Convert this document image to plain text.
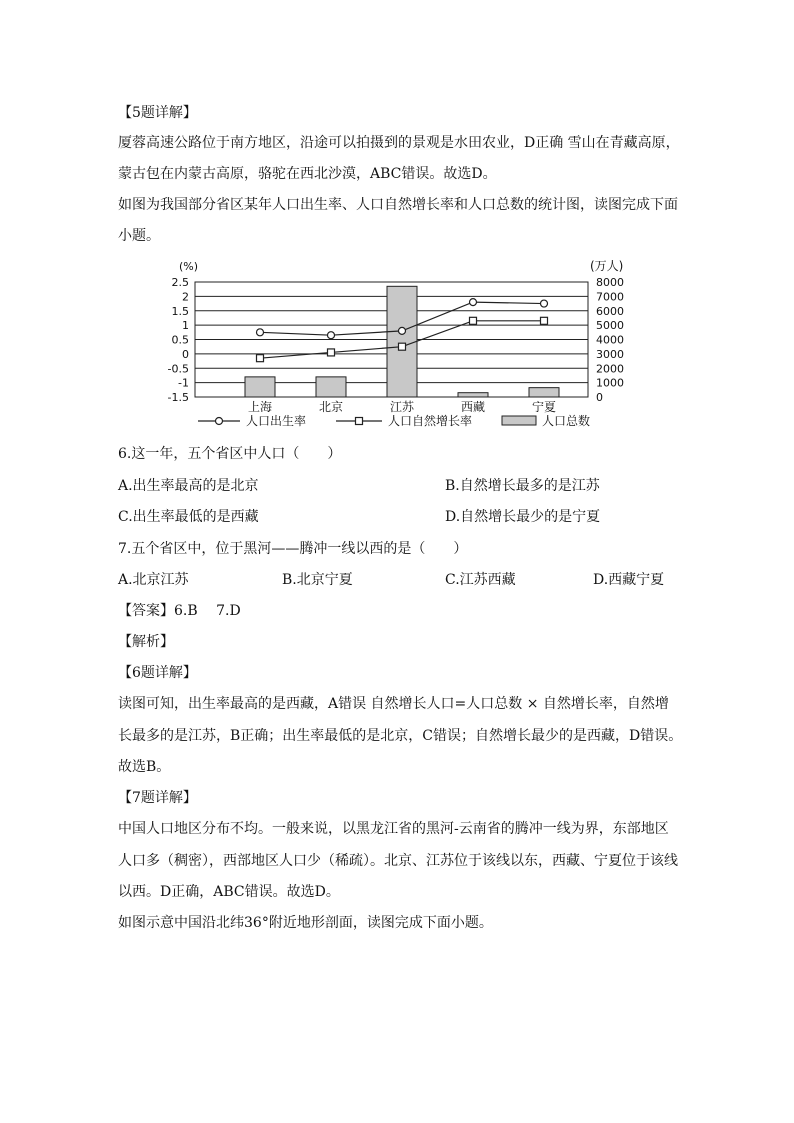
【5题详解】
厦蓉高速公路位于南方地区，沿途可以拍摄到的景观是水田农业，D正确 雪山在青藏高原，
蒙古包在内蒙古高原，骆驼在西北沙漠，ABC错误。故选D。
如图为我国部分省区某年人口出生率、人口自然增长率和人口总数的统计图，读图完成下面
小题。
2.5
2
1.5
1
0.5
0
-0.5
-1
-1.5
8000
7000
6000
5000
4000
3000
2000
1000
0
(%)	(万人)
上海	北京	江苏	西藏	宁夏
人口出生率	人口自然增长率	人口总数
6.这一年，五个省区中人口（　　）
A.出生率最高的是北京	B.自然增长最多的是江苏
C.出生率最低的是西藏	D.自然增长最少的是宁夏
7.五个省区中，位于黑河——腾冲一线以西的是（　　）
A.北京江苏	B.北京宁夏	C.江苏西藏	D.西藏宁夏
【答案】6.B　 7.D
【解析】
【6题详解】
读图可知，出生率最高的是西藏，A错误 自然增长人口=人口总数 × 自然增长率，自然增
长最多的是江苏，B正确；出生率最低的是北京，C错误；自然增长最少的是西藏，D错误。
故选B。
【7题详解】
中国人口地区分布不均。一般来说，以黑龙江省的黑河-云南省的腾冲一线为界，东部地区
人口多（稠密），西部地区人口少（稀疏）。北京、江苏位于该线以东，西藏、宁夏位于该线
以西。D正确，ABC错误。故选D。
如图示意中国沿北纬36°附近地形剖面，读图完成下面小题。
